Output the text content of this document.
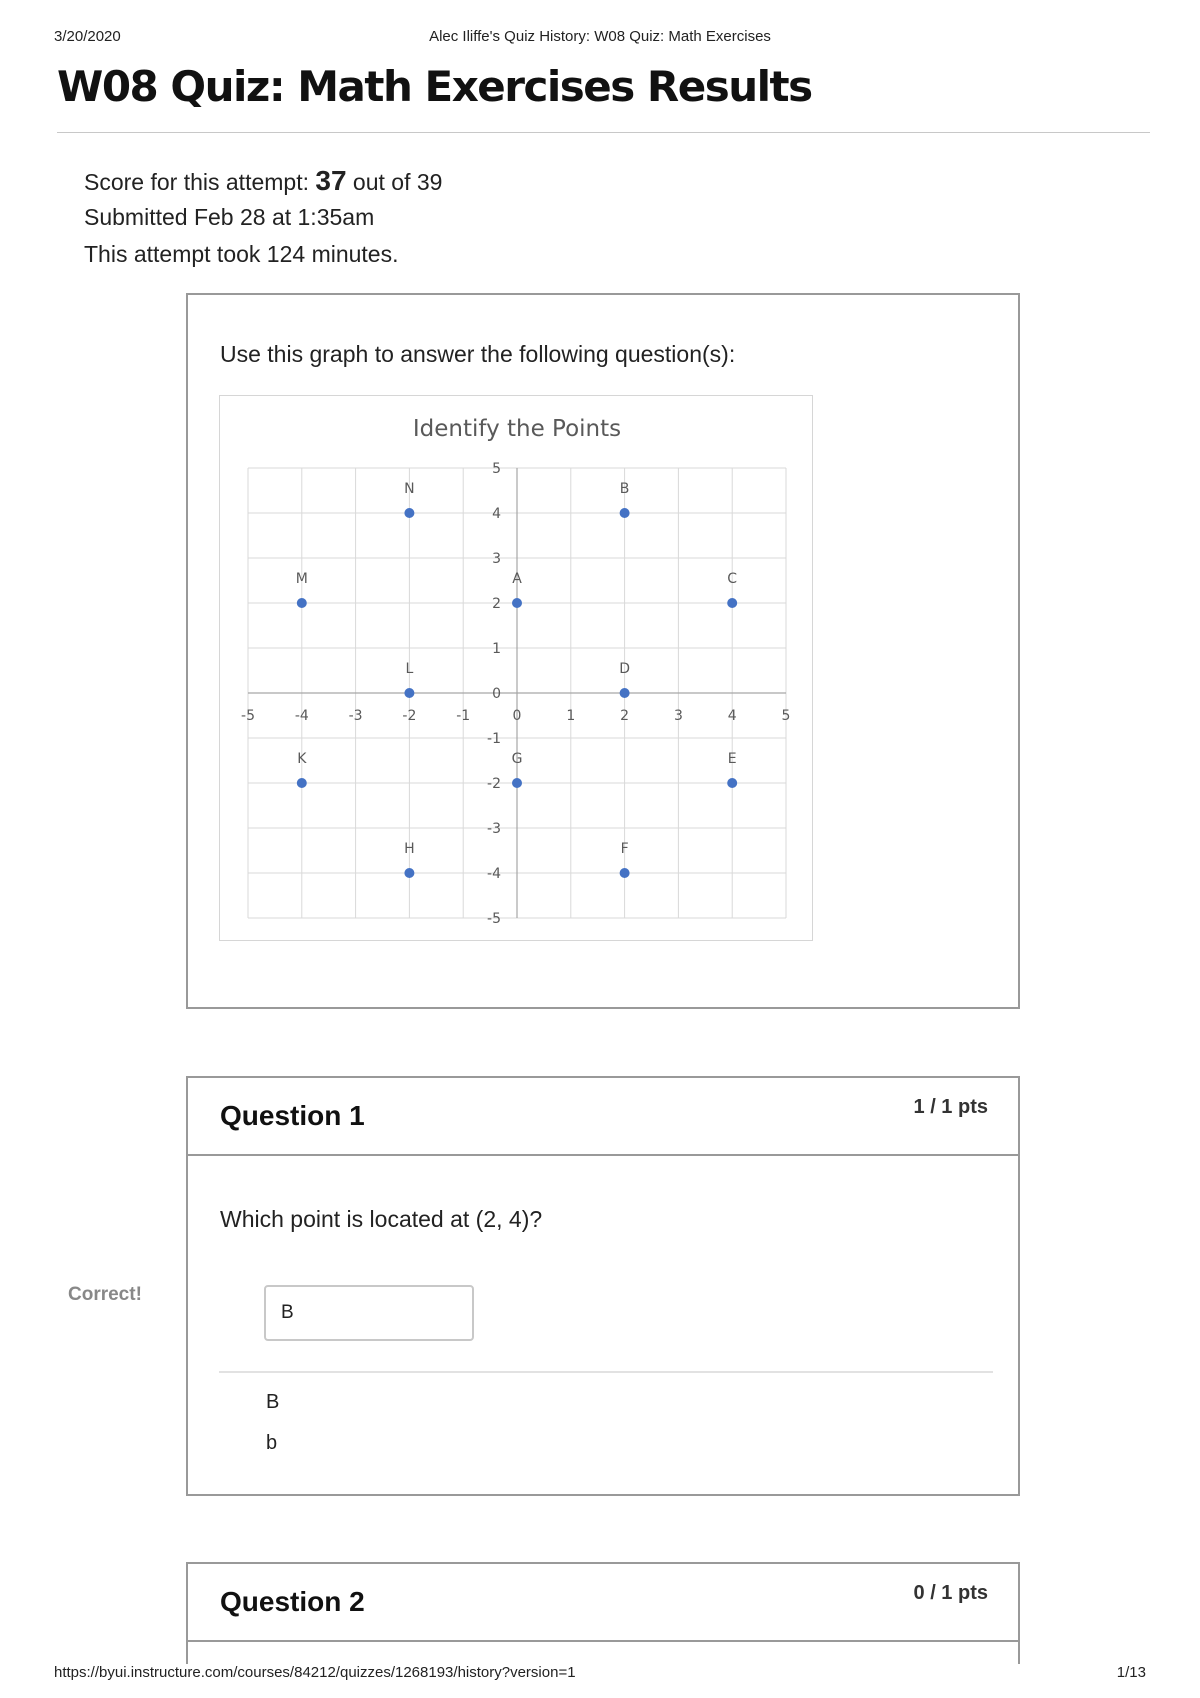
3/20/2020	Alec Iliffe's Quiz History: W08 Quiz: Math Exercises
W08 Quiz: Math Exercises Results
Score for this attempt: 37 out of 39
Submitted Feb 28 at 1:35am
This attempt took 124 minutes.
Use this graph to answer the following question(s):
Identify the Points
-5	-4	-3	-2	-1	0	1	2	3	4	5
-5
-4
-3
-2
-1
0
1
2
3
4
5
N	B
M	A	C
L	D
K	G	E
H	F
Correct!
Question 1	1 / 1 pts
Which point is located at (2, 4)?
B
B
b
Question 2	0 / 1 pts
https://byui.instructure.com/courses/84212/quizzes/1268193/history?version=1	1/13
